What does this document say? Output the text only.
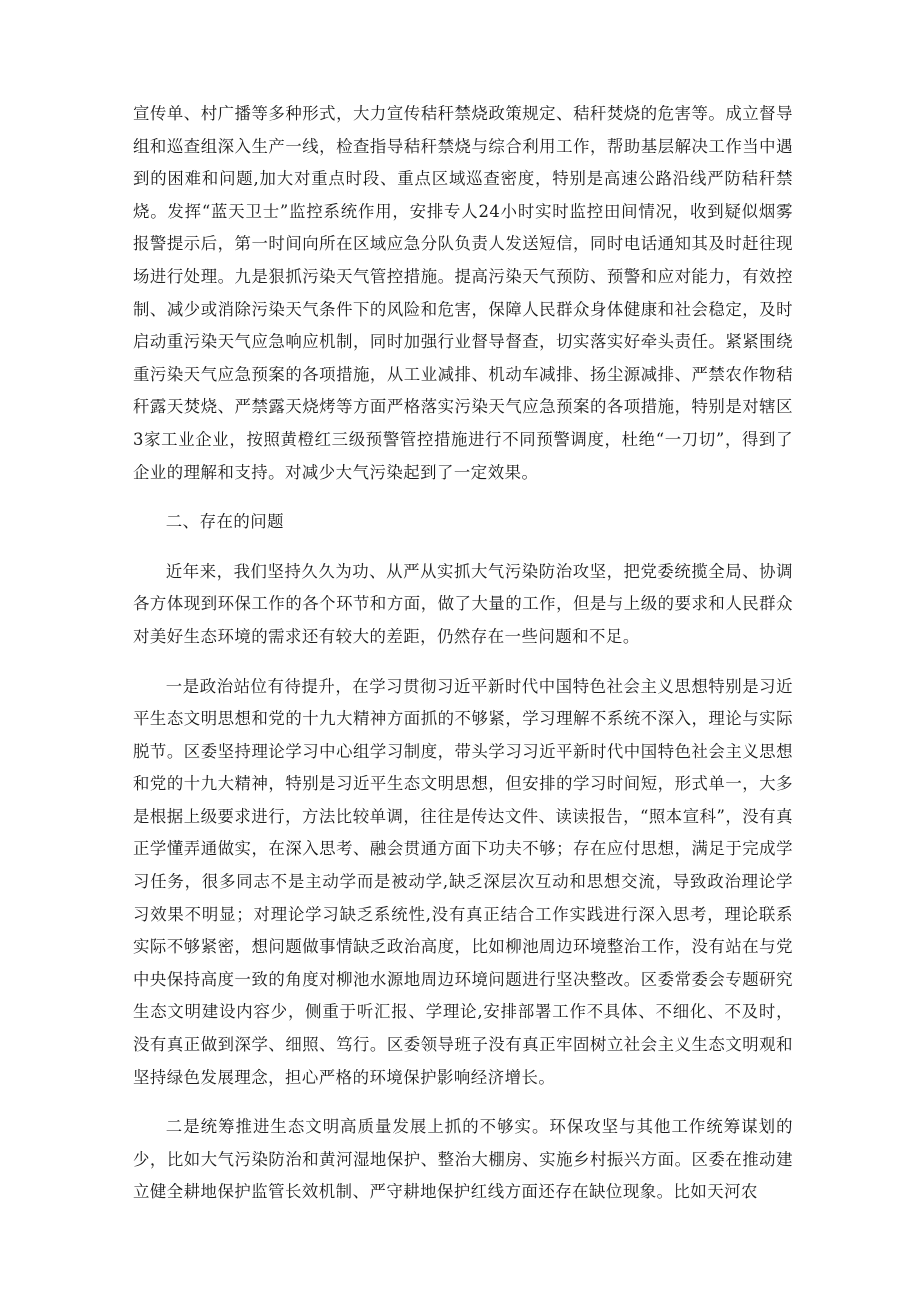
宣传单、村广播等多种形式，大力宣传秸秆禁烧政策规定、秸秆焚烧的危害等。成立督导组和巡查组深入生产一线，检查指导秸秆禁烧与综合利用工作，帮助基层解决工作当中遇到的困难和问题,加大对重点时段、重点区域巡查密度，特别是高速公路沿线严防秸秆禁烧。发挥“蓝天卫士”监控系统作用，安排专人24小时实时监控田间情况，收到疑似烟雾报警提示后，第一时间向所在区域应急分队负责人发送短信，同时电话通知其及时赶往现场进行处理。九是狠抓污染天气管控措施。提高污染天气预防、预警和应对能力，有效控制、减少或消除污染天气条件下的风险和危害，保障人民群众身体健康和社会稳定，及时启动重污染天气应急响应机制，同时加强行业督导督查，切实落实好牵头责任。紧紧围绕重污染天气应急预案的各项措施，从工业减排、机动车减排、扬尘源减排、严禁农作物秸秆露天焚烧、严禁露天烧烤等方面严格落实污染天气应急预案的各项措施，特别是对辖区3家工业企业，按照黄橙红三级预警管控措施进行不同预警调度，杜绝“一刀切”，得到了企业的理解和支持。对减少大气污染起到了一定效果。

二、存在的问题

近年来，我们坚持久久为功、从严从实抓大气污染防治攻坚，把党委统揽全局、协调各方体现到环保工作的各个环节和方面，做了大量的工作，但是与上级的要求和人民群众对美好生态环境的需求还有较大的差距，仍然存在一些问题和不足。

一是政治站位有待提升，在学习贯彻习近平新时代中国特色社会主义思想特别是习近平生态文明思想和党的十九大精神方面抓的不够紧，学习理解不系统不深入，理论与实际脱节。区委坚持理论学习中心组学习制度，带头学习习近平新时代中国特色社会主义思想和党的十九大精神，特别是习近平生态文明思想，但安排的学习时间短，形式单一，大多是根据上级要求进行，方法比较单调，往往是传达文件、读读报告，“照本宣科”，没有真正学懂弄通做实，在深入思考、融会贯通方面下功夫不够；存在应付思想，满足于完成学习任务，很多同志不是主动学而是被动学,缺乏深层次互动和思想交流，导致政治理论学习效果不明显；对理论学习缺乏系统性,没有真正结合工作实践进行深入思考，理论联系实际不够紧密，想问题做事情缺乏政治高度，比如柳池周边环境整治工作，没有站在与党中央保持高度一致的角度对柳池水源地周边环境问题进行坚决整改。区委常委会专题研究生态文明建设内容少，侧重于听汇报、学理论,安排部署工作不具体、不细化、不及时，没有真正做到深学、细照、笃行。区委领导班子没有真正牢固树立社会主义生态文明观和坚持绿色发展理念，担心严格的环境保护影响经济增长。

二是统筹推进生态文明高质量发展上抓的不够实。环保攻坚与其他工作统筹谋划的少，比如大气污染防治和黄河湿地保护、整治大棚房、实施乡村振兴方面。区委在推动建立健全耕地保护监管长效机制、严守耕地保护红线方面还存在缺位现象。比如天河农
